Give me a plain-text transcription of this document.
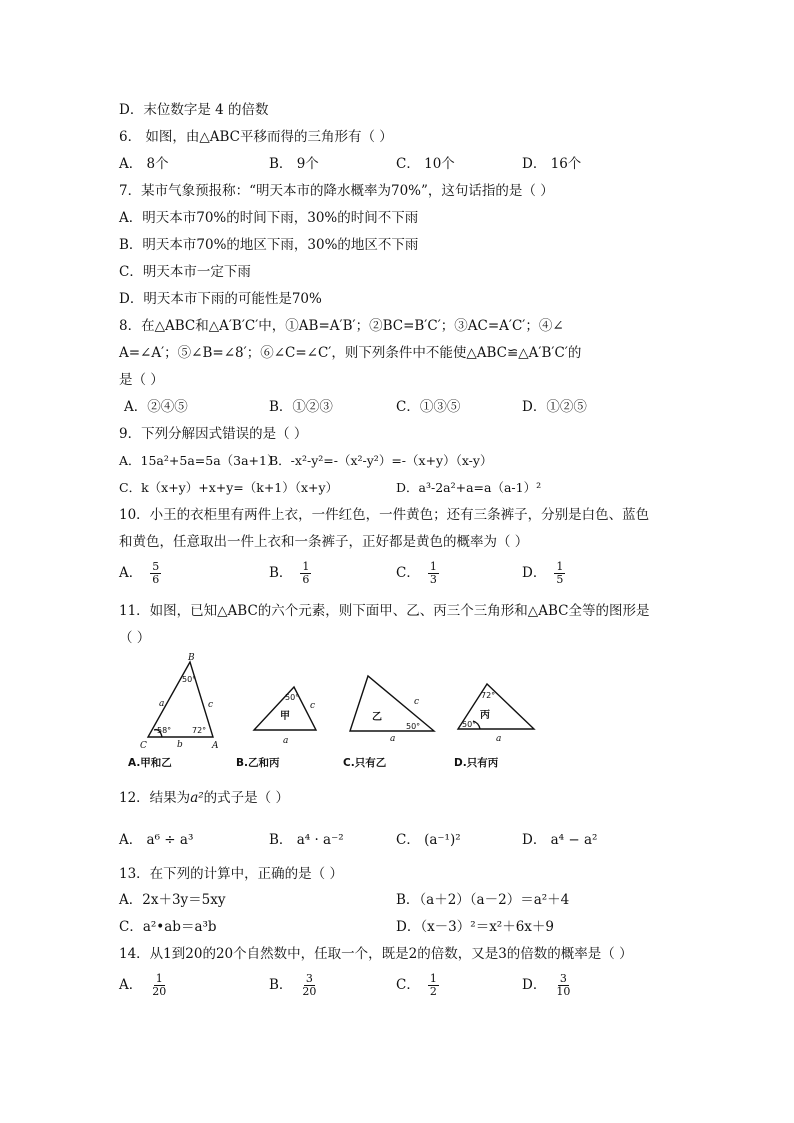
D．末位数字是 4 的倍数
6． 如图，由△ABC平移而得的三角形有（ ）
A． 8个	B． 9个	C． 10个	D． 16个
7．某市气象预报称：“明天本市的降水概率为70%”，这句话指的是（ ）
A．明天本市70%的时间下雨，30%的时间不下雨
B．明天本市70%的地区下雨，30%的地区不下雨
C．明天本市一定下雨
D．明天本市下雨的可能性是70%
8．在△ABC和△A′B′C′中，①AB=A′B′；②BC=B′C′；③AC=A′C′；④∠
A=∠A′；⑤∠B=∠8′；⑥∠C=∠C′，则下列条件中不能使△ABC≌△A′B′C′的
是（ ）
A．②④⑤	B．①②③	C．①③⑤	D．①②⑤
9．下列分解因式错误的是（ ）
A．15a²+5a=5a（3a+1）
B．-x²-y²=-（x²-y²）=-（x+y）（x-y）
C．k（x+y）+x+y=（k+1）（x+y）	D．a³-2a²+a=a（a-1）²
10．小王的衣柜里有两件上衣，一件红色，一件黄色；还有三条裤子，分别是白色、蓝色
和黄色，任意取出一件上衣和一条裤子，正好都是黄色的概率为（ ）
A． $\frac{5}{6}$	B． $\frac{1}{6}$	C． $\frac{1}{3}$	D． $\frac{1}{5}$
11．如图，已知△ABC的六个元素，则下面甲、乙、丙三个三角形和△ABC全等的图形是
（ ）
B
C	A
a
b
c	c
a
c
a	a
50°
58°	72°
50°
50°
72°
50°
甲	乙	丙
A.甲和乙	B.乙和丙	C.只有乙	D.只有丙
12．结果为a²的式子是（ ）
A． a⁶ ÷ a³	B． a⁴ · a⁻²	C． (a⁻¹)²	D． a⁴ − a²
13．在下列的计算中，正确的是（ ）
A．2x＋3y＝5xy	B．（a＋2）（a－2）＝a²＋4
C．a²•ab＝a³b	D．（x－3）²＝x²＋6x＋9
14．从1到20的20个自然数中，任取一个，既是2的倍数，又是3的倍数的概率是（ ）
A． $\frac{1}{20}$	B． $\frac{3}{20}$	C． $\frac{1}{2}$	D． $\frac{3}{10}$
